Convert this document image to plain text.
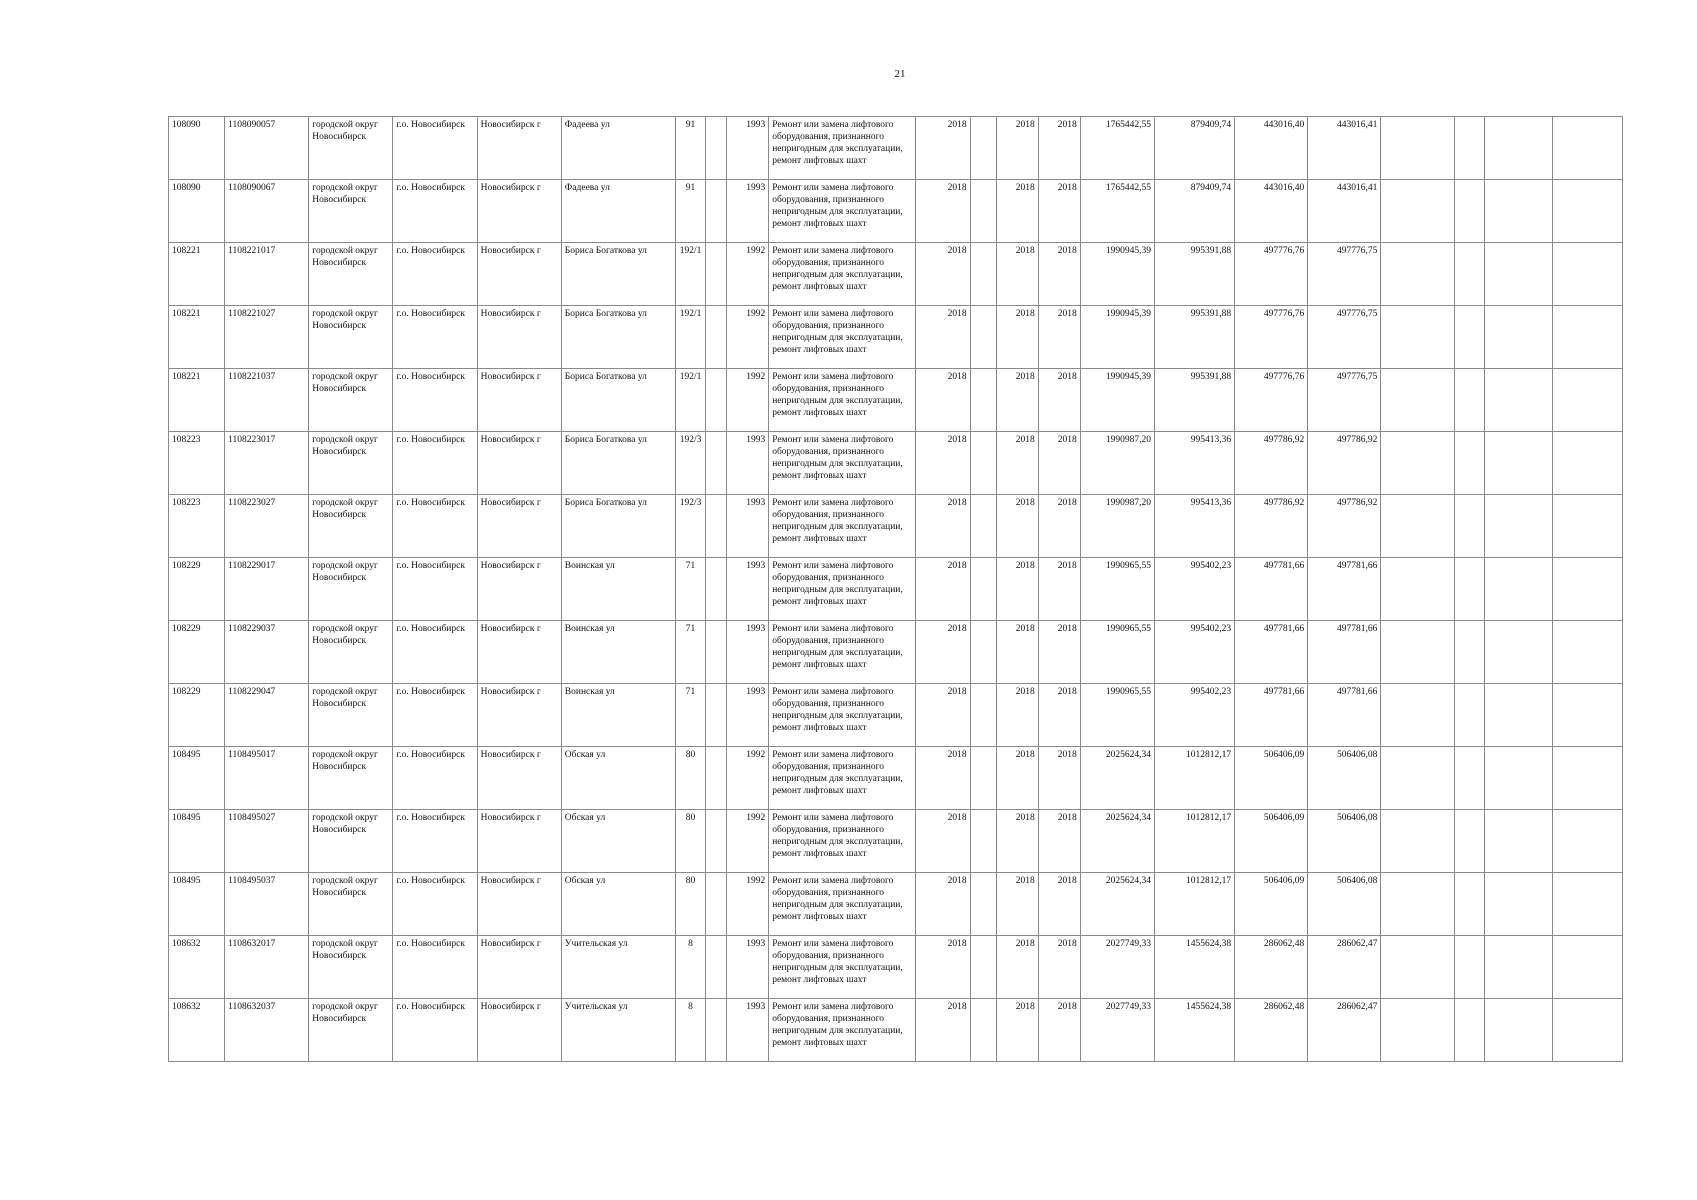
21
108090	1108090057	городской округ Новосибирск	г.о. Новосибирск	Новосибирск г	Фадеева ул	91		1993	Ремонт или замена лифтового оборудования, признанного непригодным для эксплуатации, ремонт лифтовых шахт	2018		2018	2018	1765442,55	879409,74	443016,40	443016,41				
108090	1108090067	городской округ Новосибирск	г.о. Новосибирск	Новосибирск г	Фадеева ул	91		1993	Ремонт или замена лифтового оборудования, признанного непригодным для эксплуатации, ремонт лифтовых шахт	2018		2018	2018	1765442,55	879409,74	443016,40	443016,41				
108221	1108221017	городской округ Новосибирск	г.о. Новосибирск	Новосибирск г	Бориса Богаткова ул	192/1		1992	Ремонт или замена лифтового оборудования, признанного непригодным для эксплуатации, ремонт лифтовых шахт	2018		2018	2018	1990945,39	995391,88	497776,76	497776,75				
108221	1108221027	городской округ Новосибирск	г.о. Новосибирск	Новосибирск г	Бориса Богаткова ул	192/1		1992	Ремонт или замена лифтового оборудования, признанного непригодным для эксплуатации, ремонт лифтовых шахт	2018		2018	2018	1990945,39	995391,88	497776,76	497776,75				
108221	1108221037	городской округ Новосибирск	г.о. Новосибирск	Новосибирск г	Бориса Богаткова ул	192/1		1992	Ремонт или замена лифтового оборудования, признанного непригодным для эксплуатации, ремонт лифтовых шахт	2018		2018	2018	1990945,39	995391,88	497776,76	497776,75				
108223	1108223017	городской округ Новосибирск	г.о. Новосибирск	Новосибирск г	Бориса Богаткова ул	192/3		1993	Ремонт или замена лифтового оборудования, признанного непригодным для эксплуатации, ремонт лифтовых шахт	2018		2018	2018	1990987,20	995413,36	497786,92	497786,92				
108223	1108223027	городской округ Новосибирск	г.о. Новосибирск	Новосибирск г	Бориса Богаткова ул	192/3		1993	Ремонт или замена лифтового оборудования, признанного непригодным для эксплуатации, ремонт лифтовых шахт	2018		2018	2018	1990987,20	995413,36	497786,92	497786,92				
108229	1108229017	городской округ Новосибирск	г.о. Новосибирск	Новосибирск г	Воинская ул	71		1993	Ремонт или замена лифтового оборудования, признанного непригодным для эксплуатации, ремонт лифтовых шахт	2018		2018	2018	1990965,55	995402,23	497781,66	497781,66				
108229	1108229037	городской округ Новосибирск	г.о. Новосибирск	Новосибирск г	Воинская ул	71		1993	Ремонт или замена лифтового оборудования, признанного непригодным для эксплуатации, ремонт лифтовых шахт	2018		2018	2018	1990965,55	995402,23	497781,66	497781,66				
108229	1108229047	городской округ Новосибирск	г.о. Новосибирск	Новосибирск г	Воинская ул	71		1993	Ремонт или замена лифтового оборудования, признанного непригодным для эксплуатации, ремонт лифтовых шахт	2018		2018	2018	1990965,55	995402,23	497781,66	497781,66				
108495	1108495017	городской округ Новосибирск	г.о. Новосибирск	Новосибирск г	Обская ул	80		1992	Ремонт или замена лифтового оборудования, признанного непригодным для эксплуатации, ремонт лифтовых шахт	2018		2018	2018	2025624,34	1012812,17	506406,09	506406,08				
108495	1108495027	городской округ Новосибирск	г.о. Новосибирск	Новосибирск г	Обская ул	80		1992	Ремонт или замена лифтового оборудования, признанного непригодным для эксплуатации, ремонт лифтовых шахт	2018		2018	2018	2025624,34	1012812,17	506406,09	506406,08				
108495	1108495037	городской округ Новосибирск	г.о. Новосибирск	Новосибирск г	Обская ул	80		1992	Ремонт или замена лифтового оборудования, признанного непригодным для эксплуатации, ремонт лифтовых шахт	2018		2018	2018	2025624,34	1012812,17	506406,09	506406,08				
108632	1108632017	городской округ Новосибирск	г.о. Новосибирск	Новосибирск г	Учительская ул	8		1993	Ремонт или замена лифтового оборудования, признанного непригодным для эксплуатации, ремонт лифтовых шахт	2018		2018	2018	2027749,33	1455624,38	286062,48	286062,47				
108632	1108632037	городской округ Новосибирск	г.о. Новосибирск	Новосибирск г	Учительская ул	8		1993	Ремонт или замена лифтового оборудования, признанного непригодным для эксплуатации, ремонт лифтовых шахт	2018		2018	2018	2027749,33	1455624,38	286062,48	286062,47				
